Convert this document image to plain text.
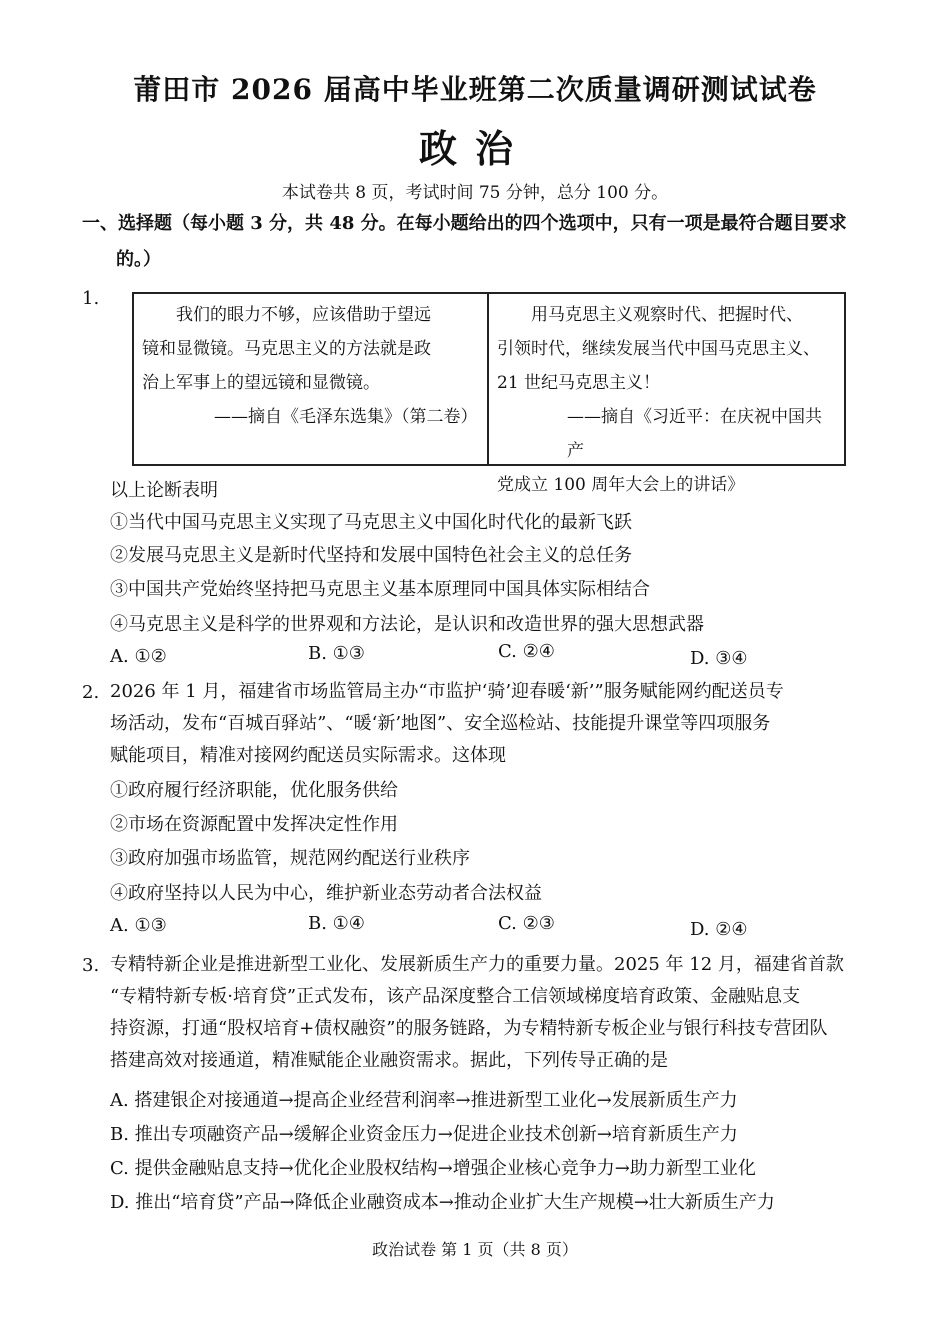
莆田市 2026 届高中毕业班第二次质量调研测试试卷
政治
本试卷共 8 页，考试时间 75 分钟，总分 100 分。
一、选择题（每小题 3 分，共 48 分。在每小题给出的四个选项中，只有一项是最符合题目要求
的。）
1.

我们的眼力不够，应该借助于望远

镜和显微镜。马克思主义的方法就是政

治上军事上的望远镜和显微镜。

——摘自《毛泽东选集》（第二卷）

用马克思主义观察时代、把握时代、

引领时代，继续发展当代中国马克思主义、

21 世纪马克思主义！

——摘自《习近平：在庆祝中国共产

党成立 100 周年大会上的讲话》

以上论断表明
①当代中国马克思主义实现了马克思主义中国化时代化的最新飞跃
②发展马克思主义是新时代坚持和发展中国特色社会主义的总任务
③中国共产党始终坚持把马克思主义基本原理同中国具体实际相结合
④马克思主义是科学的世界观和方法论，是认识和改造世界的强大思想武器
A. ①②	B. ①③	C. ②④	D. ③④
2. 2026 年 1 月，福建省市场监管局主办“市监护‘骑’迎春暖‘新’”服务赋能网约配送员专
场活动，发布“百城百驿站”、“暖‘新’地图”、安全巡检站、技能提升课堂等四项服务
赋能项目，精准对接网约配送员实际需求。这体现
①政府履行经济职能，优化服务供给
②市场在资源配置中发挥决定性作用
③政府加强市场监管，规范网约配送行业秩序
④政府坚持以人民为中心，维护新业态劳动者合法权益
A. ①③	B. ①④	C. ②③	D. ②④
3. 专精特新企业是推进新型工业化、发展新质生产力的重要力量。2025 年 12 月，福建省首款
“专精特新专板·培育贷”正式发布，该产品深度整合工信领域梯度培育政策、金融贴息支
持资源，打通“股权培育+债权融资”的服务链路，为专精特新专板企业与银行科技专营团队
搭建高效对接通道，精准赋能企业融资需求。据此，下列传导正确的是
A. 搭建银企对接通道→提高企业经营利润率→推进新型工业化→发展新质生产力
B. 推出专项融资产品→缓解企业资金压力→促进企业技术创新→培育新质生产力
C. 提供金融贴息支持→优化企业股权结构→增强企业核心竞争力→助力新型工业化
D. 推出“培育贷”产品→降低企业融资成本→推动企业扩大生产规模→壮大新质生产力
政治试卷 第 1 页（共 8 页）
